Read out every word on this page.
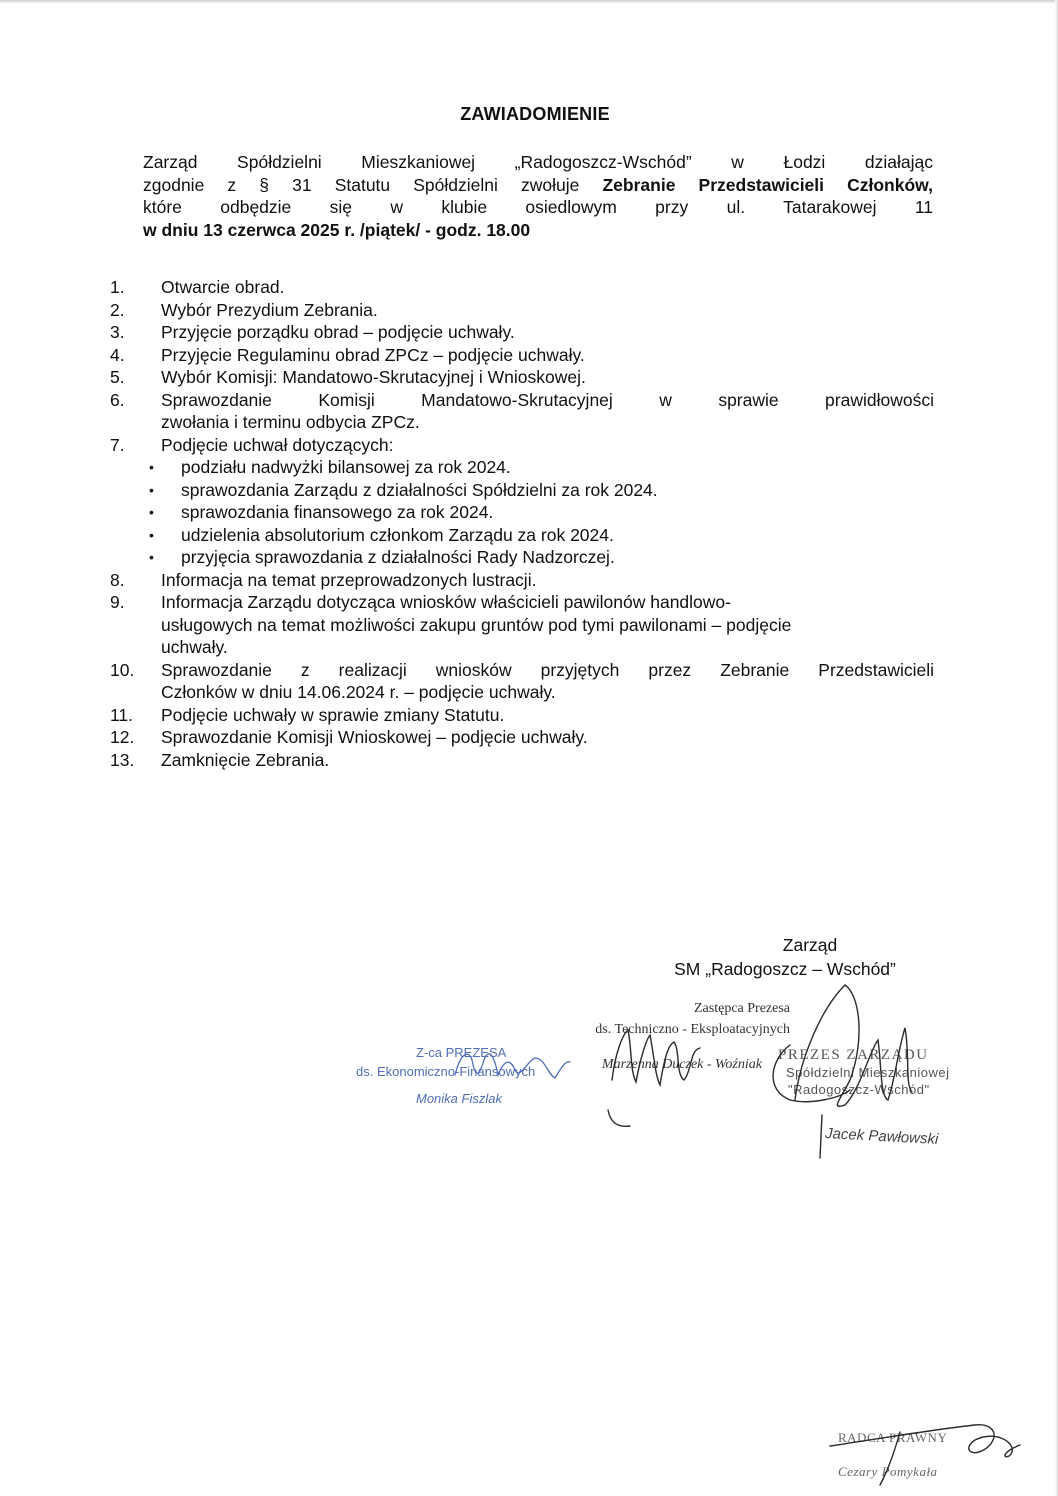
ZAWIADOMIENIE
Zarząd Spółdzielni Mieszkaniowej „Radogoszcz-Wschód” w Łodzi działając
zgodnie z § 31 Statutu Spółdzielni zwołuje Zebranie Przedstawicieli Członków,
które odbędzie się w klubie osiedlowym przy ul. Tatarakowej 11
w dniu 13 czerwca 2025 r. /piątek/ - godz. 18.00
1. Otwarcie obrad.
2. Wybór Prezydium Zebrania.
3. Przyjęcie porządku obrad – podjęcie uchwały.
4. Przyjęcie Regulaminu obrad ZPCz – podjęcie uchwały.
5. Wybór Komisji: Mandatowo-Skrutacyjnej i Wnioskowej.
6. Sprawozdanie Komisji Mandatowo-Skrutacyjnej w sprawie prawidłowości
zwołania i terminu odbycia ZPCz.
7. Podjęcie uchwał dotyczących:
• podziału nadwyżki bilansowej za rok 2024.
• sprawozdania Zarządu z działalności Spółdzielni za rok 2024.
• sprawozdania finansowego za rok 2024.
• udzielenia absolutorium członkom Zarządu za rok 2024.
• przyjęcia sprawozdania z działalności Rady Nadzorczej.
8. Informacja na temat przeprowadzonych lustracji.
9. Informacja Zarządu dotycząca wniosków właścicieli pawilonów handlowo-
usługowych na temat możliwości zakupu gruntów pod tymi pawilonami – podjęcie
uchwały.
10. Sprawozdanie z realizacji wniosków przyjętych przez Zebranie Przedstawicieli
Członków w dniu 14.06.2024 r. – podjęcie uchwały.
11. Podjęcie uchwały w sprawie zmiany Statutu.
12. Sprawozdanie Komisji Wnioskowej – podjęcie uchwały.
13. Zamknięcie Zebrania.
Zarząd
SM „Radogoszcz – Wschód”
Zastępca Prezesa
ds. Techniczno - Eksploatacyjnych
Marzenna Duczek - Woźniak
Z-ca PREZESA
ds. Ekonomiczno-Finansowych
Monika Fiszlak
PREZES ZARZĄDU
Spółdzielni Mieszkaniowej
"Radogoszcz-Wschód"
Jacek Pawłowski
RADCA PRAWNY
Cezary Pomykała
